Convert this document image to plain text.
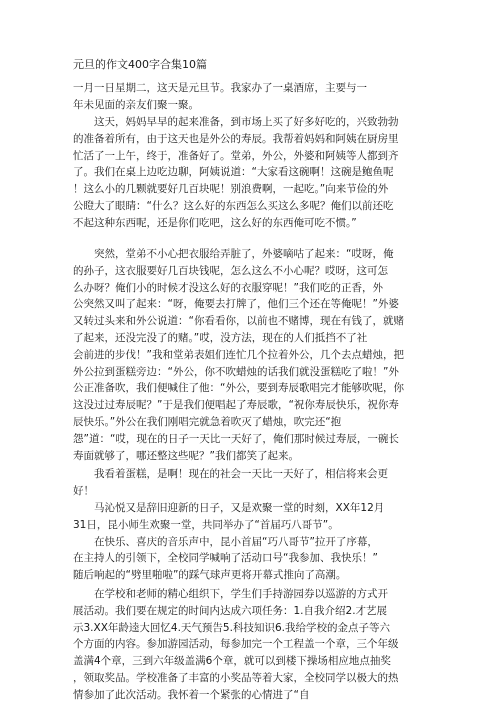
元旦的作文400字合集10篇
一月一日星期二，这天是元旦节。我家办了一桌酒席，主要与一
年未见面的亲友们聚一聚。
　　这天，妈妈早早的起来准备，到市场上买了好多好吃的，兴致勃勃
的准备着所有，由于这天也是外公的寿辰。我帮着妈妈和阿姨在厨房里
忙活了一上午，终于，准备好了。堂弟，外公，外婆和阿姨等人都到齐
了。我们在桌上边吃边聊，阿姨说道：“大家看这碗啊！这碗是鲍鱼呢
！这么小的几颗就要好几百块呢！别浪费啊，一起吃。”向来节俭的外
公瞪大了眼睛：“什么？这么好的东西怎么买这么多呢？俺们以前还吃
不起这种东西呢，还是你们吃吧，这么好的东西俺可吃不惯。”
　　突然，堂弟不小心把衣服给弄脏了，外婆嘀咕了起来：“哎呀，俺
的孙子，这衣服要好几百块钱呢，怎么这么不小心呢？哎呀，这可怎
么办呀？俺们小的时候才没这么好的衣服穿呢！”我们吃的正香，外
公突然又叫了起来：“呀，俺要去打牌了，他们三个还在等俺呢！”外婆
又转过头来和外公说道：“你看看你，以前也不赌博，现在有钱了，就赌
了起来，还没完没了的赌。”哎，没方法，现在的人们抵挡不了社
会前进的步伐！”我和堂弟表姐们连忙几个拉着外公，几个去点蜡烛，把
外公拉到蛋糕旁边：“外公，你不吹蜡烛的话我们就没蛋糕吃了啦！”外
公正准备吹，我们便喊住了他：“外公，要到寿辰歌唱完才能够吹呢，你
这没过过寿辰呢？”于是我们便唱起了寿辰歌，“祝你寿辰快乐，祝你寿
辰快乐。”外公在我们刚唱完就急着吹灭了蜡烛，吹完还“抱
怨”道：“哎，现在的日子一天比一天好了，俺们那时候过寿辰，一碗长
寿面就够了，哪还整这些呢？”我们都笑了起来。
　　我看着蛋糕，是啊！现在的社会一天比一天好了，相信将来会更
好！
　　马沁悦又是辞旧迎新的日子，又是欢聚一堂的时刻，XX年12月
31日，昆小师生欢聚一堂，共同举办了“首届巧八哥节”。
　　在快乐、喜庆的音乐声中，昆小首届“巧八哥节”拉开了序幕，
在主持人的引领下，全校同学喊响了活动口号“我参加、我快乐！”
随后响起的“劈里啪啦”的踩气球声更将开幕式推向了高潮。
　　在学校和老师的精心组织下，学生们手持游园券以巡游的方式开
展活动。我们要在规定的时间内达成六项任务：1.自我介绍2.才艺展
示3.XX年龄逵大回忆4.天气预告5.科技知识6.我给学校的金点子等六
个方面的内容。参加游园活动，每参加完一个工程盖一个章，三个年级
盖满4个章，三到六年级盖满6个章，就可以到楼下操场相应地点抽奖
，领取奖品。学校准备了丰富的小奖品等着大家，全校同学以极大的热
情参加了此次活动。我怀着一个紧张的心情进了“自
